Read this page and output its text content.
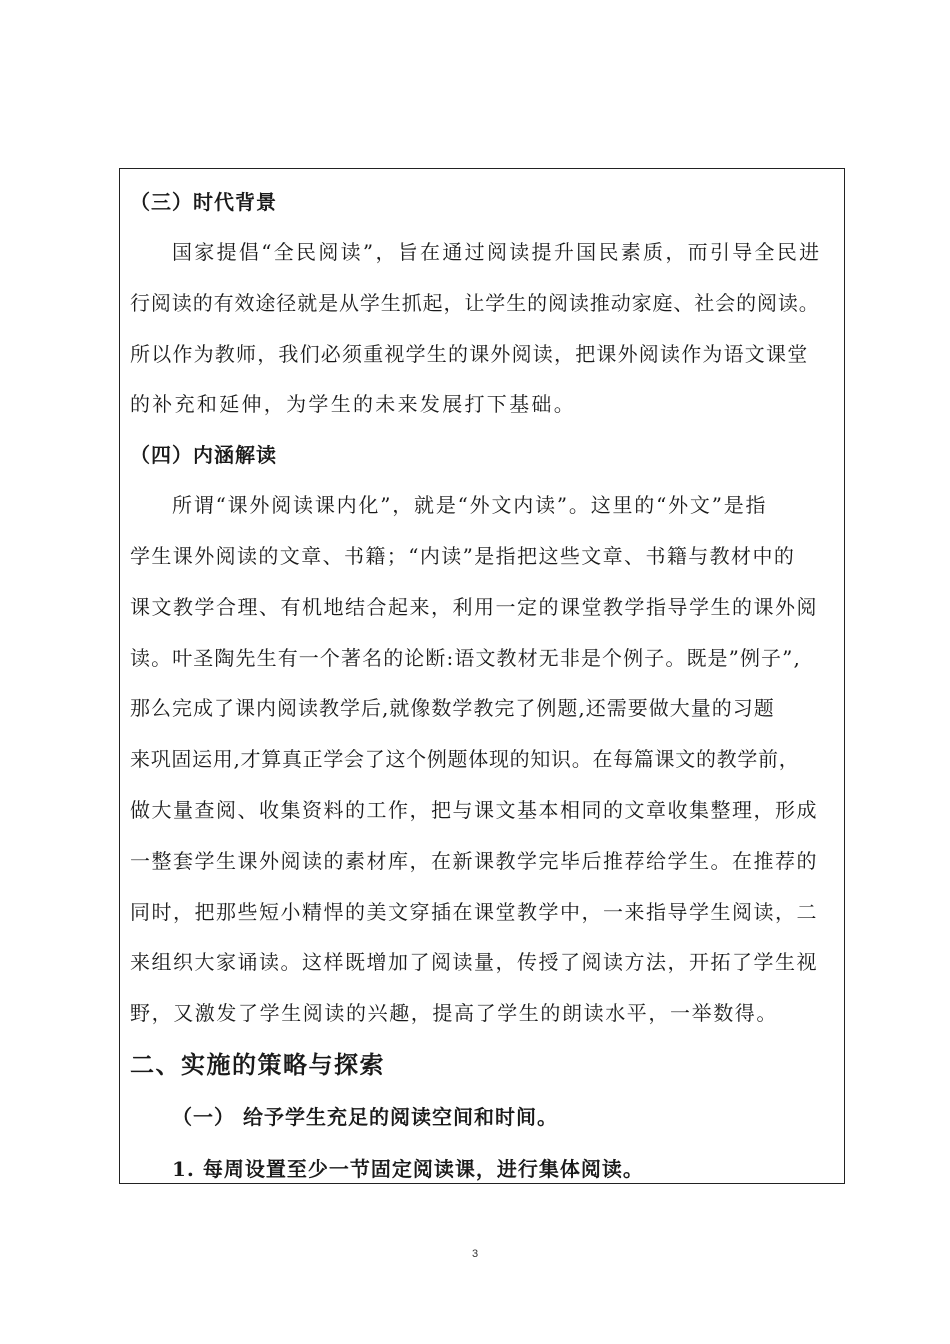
（三）时代背景
国家提倡“全民阅读”，旨在通过阅读提升国民素质，而引导全民进
行阅读的有效途径就是从学生抓起，让学生的阅读推动家庭、社会的阅读。
所以作为教师，我们必须重视学生的课外阅读，把课外阅读作为语文课堂
的补充和延伸，为学生的未来发展打下基础。
（四）内涵解读
所谓“课外阅读课内化”，就是“外文内读”。这里的“外文”是指
学生课外阅读的文章、书籍；“内读”是指把这些文章、书籍与教材中的
课文教学合理、有机地结合起来，利用一定的课堂教学指导学生的课外阅
读。叶圣陶先生有一个著名的论断:语文教材无非是个例子。既是”例子”,
那么完成了课内阅读教学后,就像数学教完了例题,还需要做大量的习题
来巩固运用,才算真正学会了这个例题体现的知识。在每篇课文的教学前，
做大量查阅、收集资料的工作，把与课文基本相同的文章收集整理，形成
一整套学生课外阅读的素材库，在新课教学完毕后推荐给学生。在推荐的
同时，把那些短小精悍的美文穿插在课堂教学中，一来指导学生阅读，二
来组织大家诵读。这样既增加了阅读量，传授了阅读方法，开拓了学生视
野，又激发了学生阅读的兴趣，提高了学生的朗读水平，一举数得。
二、实施的策略与探索
（一） 给予学生充足的阅读空间和时间。
1. 每周设置至少一节固定阅读课，进行集体阅读。
3
